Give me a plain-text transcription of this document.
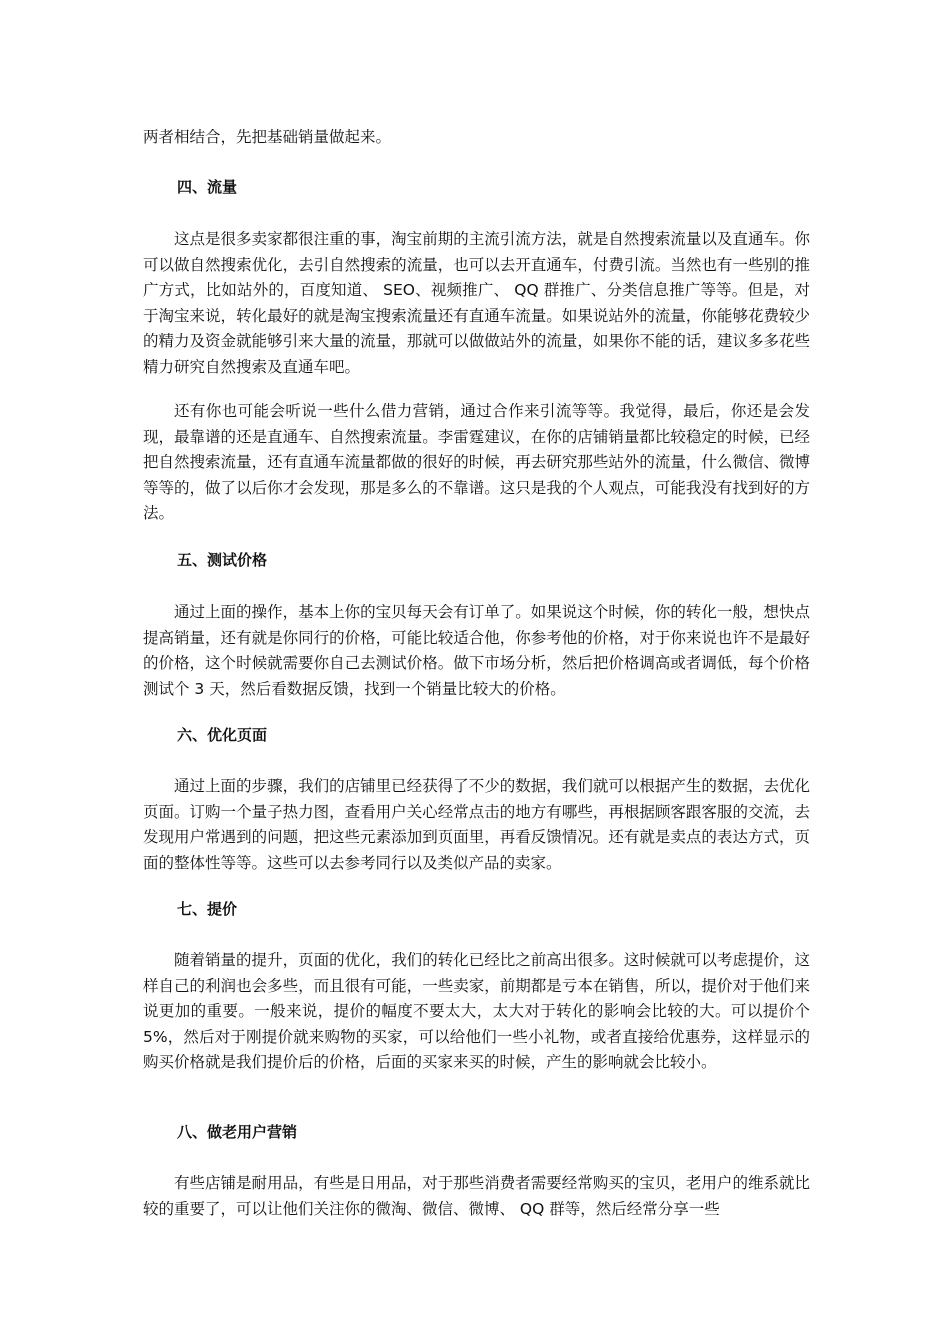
两者相结合，先把基础销量做起来。

四、流量

这点是很多卖家都很注重的事，淘宝前期的主流引流方法，就是自然搜索流量以及直通车。你可以做自然搜索优化，去引自然搜索的流量，也可以去开直通车，付费引流。当然也有一些别的推广方式，比如站外的，百度知道、 SEO、视频推广、 QQ 群推广、分类信息推广等等。但是，对于淘宝来说，转化最好的就是淘宝搜索流量还有直通车流量。如果说站外的流量，你能够花费较少的精力及资金就能够引来大量的流量，那就可以做做站外的流量，如果你不能的话，建议多多花些精力研究自然搜索及直通车吧。

还有你也可能会听说一些什么借力营销，通过合作来引流等等。我觉得，最后，你还是会发现，最靠谱的还是直通车、自然搜索流量。李雷霆建议，在你的店铺销量都比较稳定的时候，已经把自然搜索流量，还有直通车流量都做的很好的时候，再去研究那些站外的流量，什么微信、微博等等的，做了以后你才会发现，那是多么的不靠谱。这只是我的个人观点，可能我没有找到好的方法。

五、测试价格

通过上面的操作，基本上你的宝贝每天会有订单了。如果说这个时候，你的转化一般，想快点提高销量，还有就是你同行的价格，可能比较适合他，你参考他的价格，对于你来说也许不是最好的价格，这个时候就需要你自己去测试价格。做下市场分析，然后把价格调高或者调低，每个价格测试个 3 天，然后看数据反馈，找到一个销量比较大的价格。

六、优化页面

通过上面的步骤，我们的店铺里已经获得了不少的数据，我们就可以根据产生的数据，去优化页面。订购一个量子热力图，查看用户关心经常点击的地方有哪些，再根据顾客跟客服的交流，去发现用户常遇到的问题，把这些元素添加到页面里，再看反馈情况。还有就是卖点的表达方式，页面的整体性等等。这些可以去参考同行以及类似产品的卖家。

七、提价

随着销量的提升，页面的优化，我们的转化已经比之前高出很多。这时候就可以考虑提价，这样自己的利润也会多些，而且很有可能，一些卖家，前期都是亏本在销售，所以，提价对于他们来说更加的重要。一般来说，提价的幅度不要太大，太大对于转化的影响会比较的大。可以提价个 5%，然后对于刚提价就来购物的买家，可以给他们一些小礼物，或者直接给优惠券，这样显示的购买价格就是我们提价后的价格，后面的买家来买的时候，产生的影响就会比较小。

八、做老用户营销

有些店铺是耐用品，有些是日用品，对于那些消费者需要经常购买的宝贝，老用户的维系就比较的重要了，可以让他们关注你的微淘、微信、微博、 QQ 群等，然后经常分享一些
